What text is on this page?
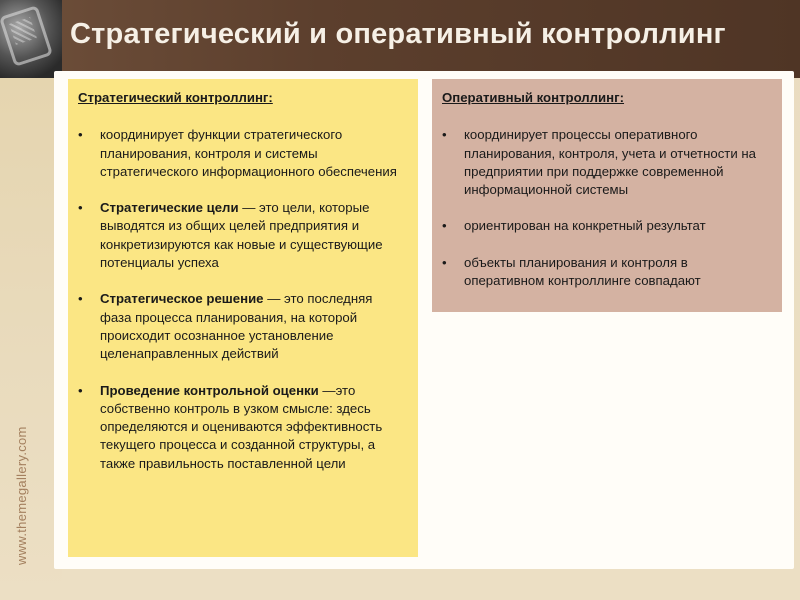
Стратегический и оперативный контроллинг
www.themegallery.com
Стратегический контроллинг:
• координирует функции стратегического планирования, контроля и системы стратегического информационного обеспечения
• Стратегические цели — это цели, которые выводятся из общих целей предприятия и конкретизируются как новые и существующие потенциалы успеха
• Стратегическое решение — это последняя фаза процесса планирования, на которой происходит осознанное установление целенаправленных действий
• Проведение контрольной оценки —это собственно контроль в узком смысле: здесь определяются и оцениваются эффективность текущего процесса и созданной структуры, а также правильность поставленной цели
Оперативный контроллинг:
• координирует процессы оперативного планирования, контроля, учета и отчетности на предприятии при поддержке современной информационной системы
• ориентирован на конкретный результат
• объекты планирования и контроля в оперативном контроллинге совпадают
